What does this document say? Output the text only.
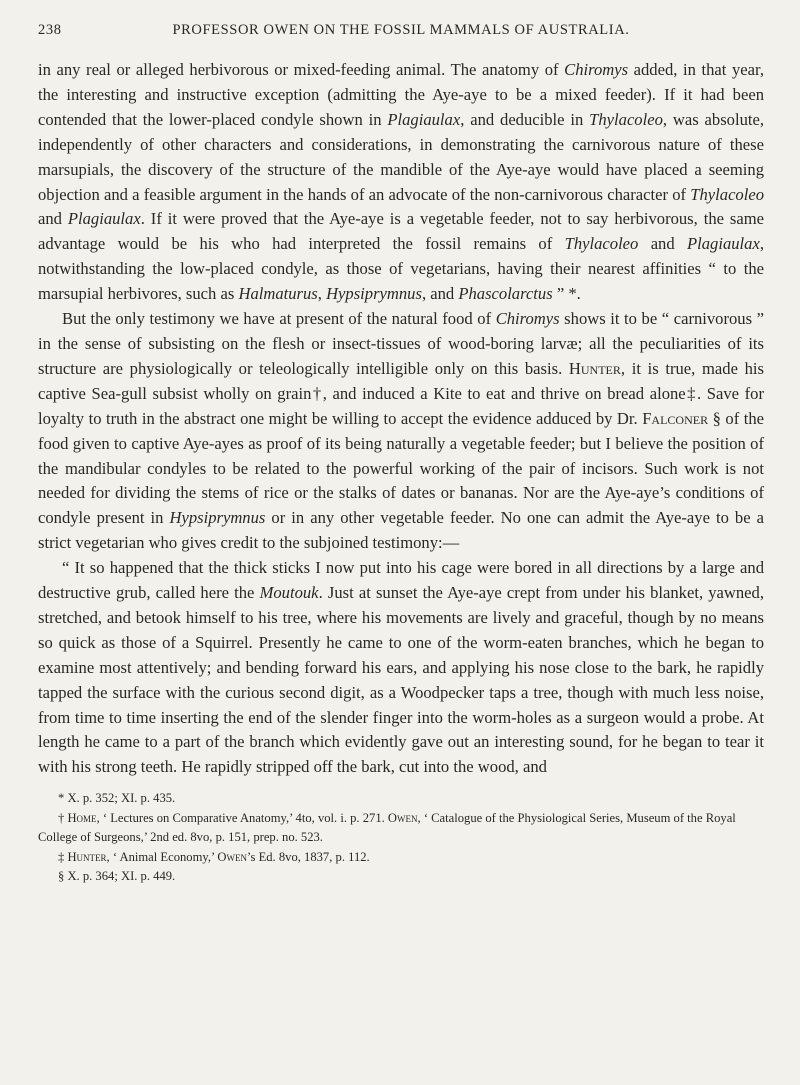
238	PROFESSOR OWEN ON THE FOSSIL MAMMALS OF AUSTRALIA.

in any real or alleged herbivorous or mixed-feeding animal. The anatomy of Chiromys added, in that year, the interesting and instructive exception (admitting the Aye-aye to be a mixed feeder). If it had been contended that the lower-placed condyle shown in Plagiaulax, and deducible in Thylacoleo, was absolute, independently of other characters and considerations, in demonstrating the carnivorous nature of these marsupials, the discovery of the structure of the mandible of the Aye-aye would have placed a seeming objection and a feasible argument in the hands of an advocate of the non-carnivorous character of Thylacoleo and Plagiaulax. If it were proved that the Aye-aye is a vegetable feeder, not to say herbivorous, the same advantage would be his who had interpreted the fossil remains of Thylacoleo and Plagiaulax, notwithstanding the low-placed condyle, as those of vegetarians, having their nearest affinities “ to the marsupial herbivores, such as Halmaturus, Hypsiprymnus, and Phascolarctus ” *.

But the only testimony we have at present of the natural food of Chiromys shows it to be “ carnivorous ” in the sense of subsisting on the flesh or insect-tissues of wood-boring larvæ; all the peculiarities of its structure are physiologically or teleologically intelligible only on this basis. Hunter, it is true, made his captive Sea-gull subsist wholly on grain†, and induced a Kite to eat and thrive on bread alone‡. Save for loyalty to truth in the abstract one might be willing to accept the evidence adduced by Dr. Falconer § of the food given to captive Aye-ayes as proof of its being naturally a vegetable feeder; but I believe the position of the mandibular condyles to be related to the powerful working of the pair of incisors. Such work is not needed for dividing the stems of rice or the stalks of dates or bananas. Nor are the Aye-aye’s conditions of condyle present in Hypsiprymnus or in any other vegetable feeder. No one can admit the Aye-aye to be a strict vegetarian who gives credit to the subjoined testimony:—

“ It so happened that the thick sticks I now put into his cage were bored in all directions by a large and destructive grub, called here the Moutouk. Just at sunset the Aye-aye crept from under his blanket, yawned, stretched, and betook himself to his tree, where his movements are lively and graceful, though by no means so quick as those of a Squirrel. Presently he came to one of the worm-eaten branches, which he began to examine most attentively; and bending forward his ears, and applying his nose close to the bark, he rapidly tapped the surface with the curious second digit, as a Woodpecker taps a tree, though with much less noise, from time to time inserting the end of the slender finger into the worm-holes as a surgeon would a probe. At length he came to a part of the branch which evidently gave out an interesting sound, for he began to tear it with his strong teeth. He rapidly stripped off the bark, cut into the wood, and

* X. p. 352; XI. p. 435.

† Home, ‘ Lectures on Comparative Anatomy,’ 4to, vol. i. p. 271. Owen, ‘ Catalogue of the Physiological Series, Museum of the Royal College of Surgeons,’ 2nd ed. 8vo, p. 151, prep. no. 523.

‡ Hunter, ‘ Animal Economy,’ Owen’s Ed. 8vo, 1837, p. 112.

§ X. p. 364; XI. p. 449.
